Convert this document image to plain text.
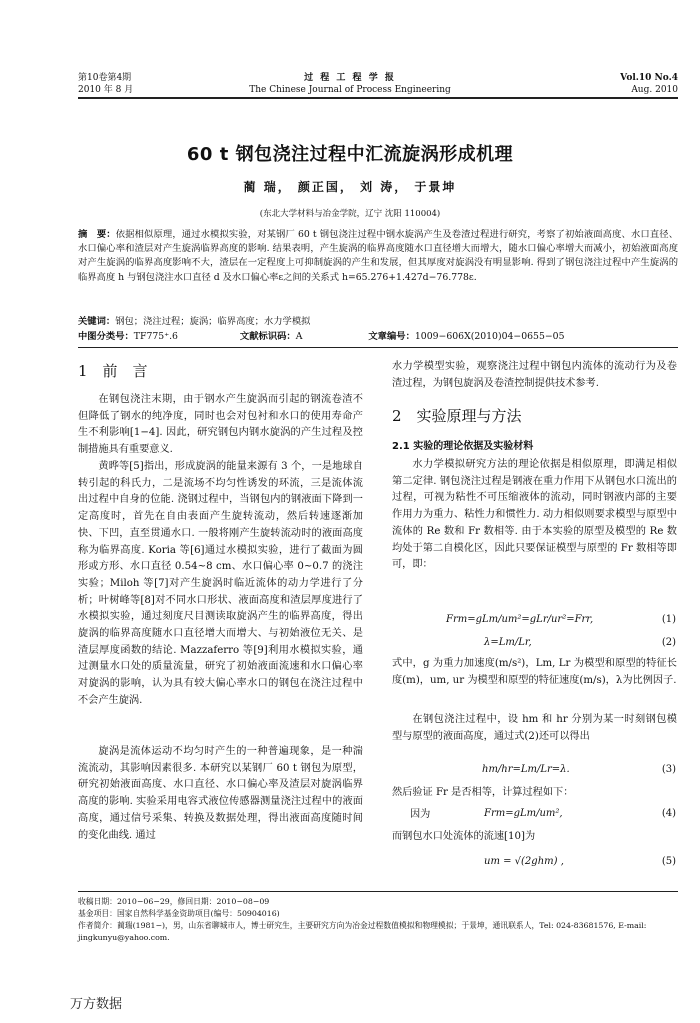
第10卷第4期
2010 年 8 月
过 程 工 程 学 报
The Chinese Journal of Process Engineering
Vol.10 No.4
Aug. 2010
60 t 钢包浇注过程中汇流旋涡形成机理
蔺 瑞， 颜正国， 刘 涛， 于景坤
(东北大学材料与冶金学院，辽宁 沈阳 110004)
摘　要：依据相似原理，通过水模拟实验，对某钢厂 60 t 钢包浇注过程中钢水旋涡产生及卷渣过程进行研究，考察了初始液面高度、水口直径、水口偏心率和渣层对产生旋涡临界高度的影响. 结果表明，产生旋涡的临界高度随水口直径增大而增大，随水口偏心率增大而减小，初始液面高度对产生旋涡的临界高度影响不大，渣层在一定程度上可抑制旋涡的产生和发展，但其厚度对旋涡没有明显影响. 得到了钢包浇注过程中产生旋涡的临界高度 h 与钢包浇注水口直径 d 及水口偏心率ε之间的关系式 h=65.276+1.427d−76.778ε.
关键词：钢包；浇注过程；旋涡；临界高度；水力学模拟
中图分类号：TF775⁺.6	文献标识码：A	文章编号：1009−606X(2010)04−0655−05
1　前　言
在钢包浇注末期，由于钢水产生旋涡而引起的钢流卷渣不但降低了钢水的纯净度，同时也会对包衬和水口的使用寿命产生不利影响[1−4]. 因此，研究钢包内钢水旋涡的产生过程及控制措施具有重要意义.
黄晔等[5]指出，形成旋涡的能量来源有 3 个，一是地球自转引起的科氏力，二是流场不均匀性诱发的环流，三是流体流出过程中自身的位能. 浇钢过程中，当钢包内的钢液面下降到一定高度时，首先在自由表面产生旋转流动，然后转速逐渐加快、下凹，直至贯通水口. 一般将刚产生旋转流动时的液面高度称为临界高度. Koria 等[6]通过水模拟实验，进行了截面为圆形或方形、水口直径 0.54~8 cm、水口偏心率 0~0.7 的浇注实验；Miloh 等[7]对产生旋涡时临近流体的动力学进行了分析；叶树峰等[8]对不同水口形状、液面高度和渣层厚度进行了水模拟实验，通过刻度尺目测读取旋涡产生的临界高度，得出旋涡的临界高度随水口直径增大而增大、与初始液位无关、是渣层厚度函数的结论. Mazzaferro 等[9]利用水模拟实验，通过测量水口处的质量流量，研究了初始液面流速和水口偏心率对旋涡的影响，认为具有较大偏心率水口的钢包在浇注过程中不会产生旋涡.
旋涡是流体运动不均匀时产生的一种普遍现象，是一种湍流流动，其影响因素很多. 本研究以某钢厂 60 t 钢包为原型，研究初始液面高度、水口直径、水口偏心率及渣层对旋涡临界高度的影响. 实验采用电容式液位传感器测量浇注过程中的液面高度，通过信号采集、转换及数据处理，得出液面高度随时间的变化曲线. 通过
水力学模型实验，观察浇注过程中钢包内流体的流动行为及卷渣过程，为钢包旋涡及卷渣控制提供技术参考.
2　实验原理与方法
2.1 实验的理论依据及实验材料
水力学模拟研究方法的理论依据是相似原理，即满足相似第二定律. 钢包浇注过程是钢液在重力作用下从钢包水口流出的过程，可视为粘性不可压缩液体的流动，同时钢液内部的主要作用力为重力、粘性力和惯性力. 动力相似则要求模型与原型中流体的 Re 数和 Fr 数相等. 由于本实验的原型及模型的 Re 数均处于第二自模化区，因此只要保证模型与原型的 Fr 数相等即可，即：
Frm=gLm/um²=gLr/ur²=Frr,	(1)
λ=Lm/Lr,	(2)
式中，g 为重力加速度(m/s²)，Lm, Lr 为模型和原型的特征长度(m)，um, ur 为模型和原型的特征速度(m/s)，λ为比例因子.
在钢包浇注过程中，设 hm 和 hr 分别为某一时刻钢包模型与原型的液面高度，通过式(2)还可以得出
hm/hr=Lm/Lr=λ.	(3)
然后验证 Fr 是否相等，计算过程如下：
因为	Frm=gLm/um²,	(4)
而钢包水口处流体的流速[10]为
um = √(2ghm) ,	(5)
收稿日期：2010−06−29，修回日期：2010−08−09
基金项目：国家自然科学基金资助项目(编号：50904016)
作者简介：蔺瑞(1981−)，男，山东省聊城市人，博士研究生，主要研究方向为冶金过程数值模拟和物理模拟；于景坤，通讯联系人，Tel: 024-83681576, E-mail: jingkunyu@yahoo.com.
万方数据
